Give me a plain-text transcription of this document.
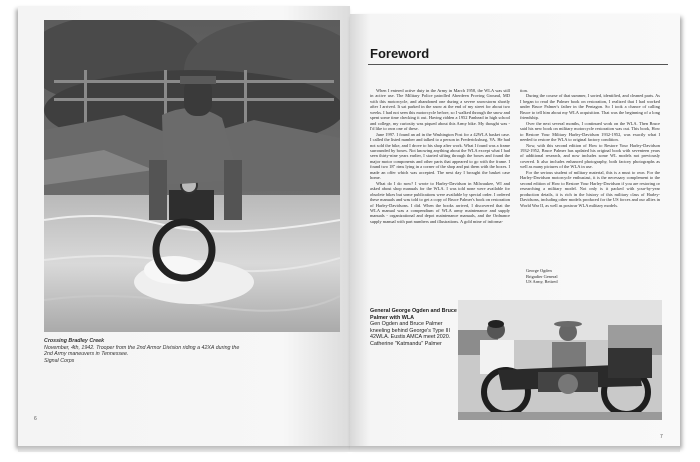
Crossing Bradley Creek
November, 4th, 1942. Trooper from the 2nd Armor Division riding a 42XA during the 2nd Army maneuvers in Tennessee.
Signal Corps
6
Foreword

When I entered active duty in the Army in March 1958, the WLA was still in active use. The Military Police patrolled Aberdeen Proving Ground, MD with this motorcycle, and abandoned one during a severe snowstorm shortly after I arrived. It sat parked in the snow at the end of my street for about two weeks. I had not seen this motorcycle before, so I walked through the snow and spent some time checking it out. Having ridden a 1952 Panhead in high school and college, my curiosity was piqued about this Army bike. My thought was - I'd like to own one of these.

June 1997. I found an ad in the Washington Post for a 42WLA basket case. I called the listed number and talked to a person in Fredericksburg, VA. He had not sold the bike, and I drove to his shop after work. What I found was a frame surrounded by boxes. Not knowing anything about the WLA except what I had seen thirty-nine years earlier, I started sifting through the boxes and found the major motor components and other parts that appeared to go with the frame. I found two 18" rims lying in a corner of the shop and put them with the boxes. I made an offer which was accepted. The next day I brought the basket case home.

What do I do now? I wrote to Harley-Davidson in Milwaukee, WI and asked about shop manuals for the WLA. I was told none were available for obsolete bikes but some publications were available by special order. I ordered these manuals and was told to get a copy of Bruce Palmer's book on restoration of Harley-Davidsons. I did. When the books arrived, I discovered that the WLA manual was a compendium of WLA army maintenance and supply manuals - organizational and depot maintenance manuals, and the Ordnance supply manual with part numbers and illustrations. A gold mine of informa-

tion.

During the course of that summer, I sorted, identified, and cleaned parts. As I began to read the Palmer book on restoration, I realized that I had worked under Bruce Palmer's father in the Pentagon. So I took a chance of calling Bruce to tell him about my WLA acquisition. That was the beginning of a long friendship.

Over the next several months, I continued work on the WLA. Then Bruce said his new book on military motorcycle restoration was out. This book, How to Restore Your Military Harley-Davidson 1932-1952, was exactly what I needed to restore the WLA to original factory condition.

Now, with this second edition of How to Restore Your Harley-Davidson 1932-1952, Bruce Palmer has updated his original book with seventeen years of additional research, and now includes some WL models not previously covered. It also includes enhanced photography, both factory photographs as well as many pictures of the WLA in use.

For the serious student of military material, this is a must to own. For the Harley-Davidson motorcycle enthusiast, it is the necessary complement to the second edition of How to Restore Your Harley-Davidson if you are restoring or researching a military model. Not only is it packed with your-by-year production details, it is rich in the history of this military class of Harley-Davidsons, including other models produced for the US forces and our allies in World War II, as well as postwar WLA military models.

George Ogden
Brigadier General
US Army, Retired
General George Ogden and Bruce Palmer with WLA
Gen Ogden and Bruce Palmer kneeling behind George's Type III 42WLA. Eustis AMCA meet 2020.
Catherine "Katmandu" Palmer
7
